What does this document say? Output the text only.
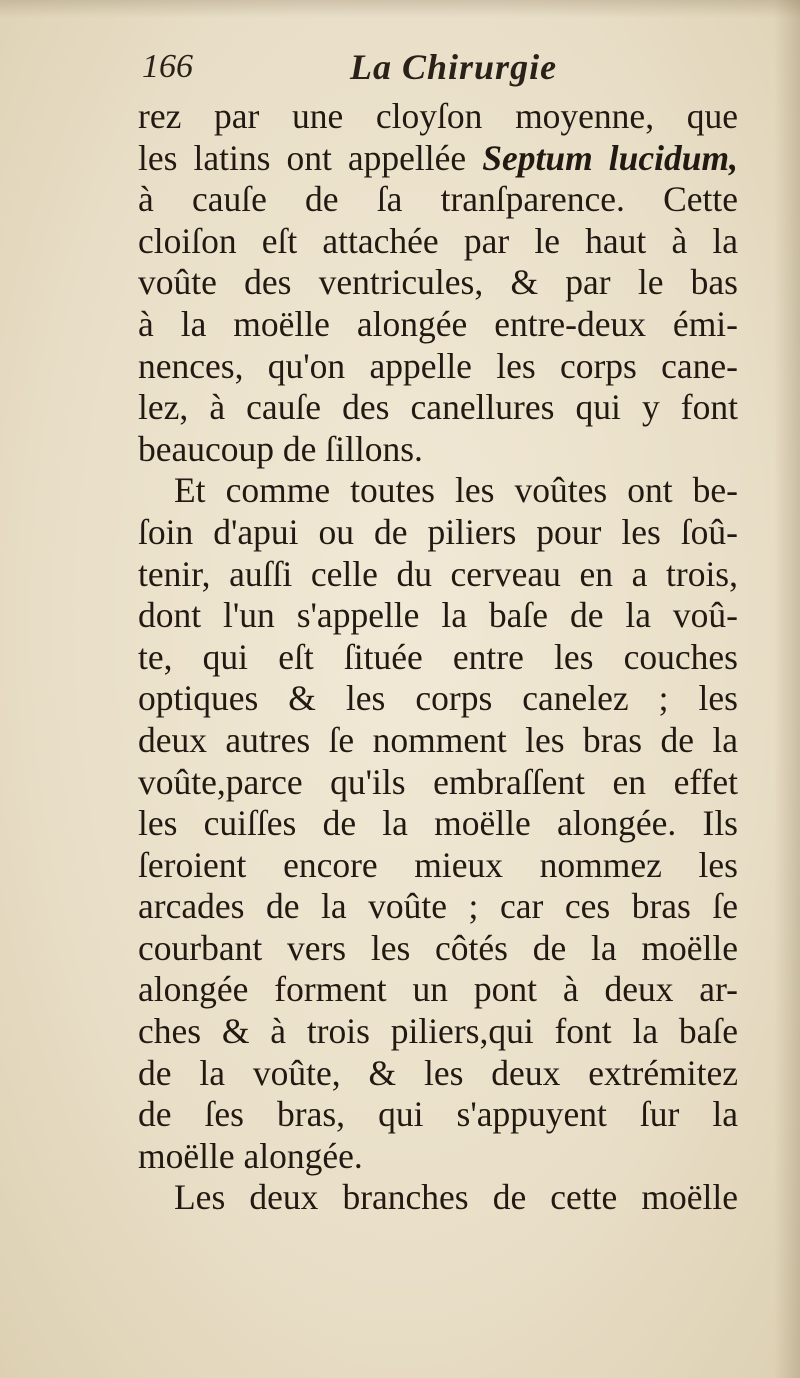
166	La Chirurgie
rez par une cloyſon moyenne, que
les latins ont appellée Septum lucidum,
à cauſe de ſa tranſparence. Cette
cloiſon eſt attachée par le haut à la
voûte des ventricules, & par le bas
à la moëlle alongée entre-deux émi-
nences, qu'on appelle les corps cane-
lez, à cauſe des canellures qui y font
beaucoup de ſillons.
Et comme toutes les voûtes ont be-
ſoin d'apui ou de piliers pour les ſoû-
tenir, auſſi celle du cerveau en a trois,
dont l'un s'appelle la baſe de la voû-
te, qui eſt ſituée entre les couches
optiques & les corps canelez ; les
deux autres ſe nomment les bras de la
voûte,parce qu'ils embraſſent en effet
les cuiſſes de la moëlle alongée. Ils
ſeroient encore mieux nommez les
arcades de la voûte ; car ces bras ſe
courbant vers les côtés de la moëlle
alongée forment un pont à deux ar-
ches & à trois piliers,qui font la baſe
de la voûte, & les deux extrémitez
de ſes bras, qui s'appuyent ſur la
moëlle alongée.
Les deux branches de cette moëlle
